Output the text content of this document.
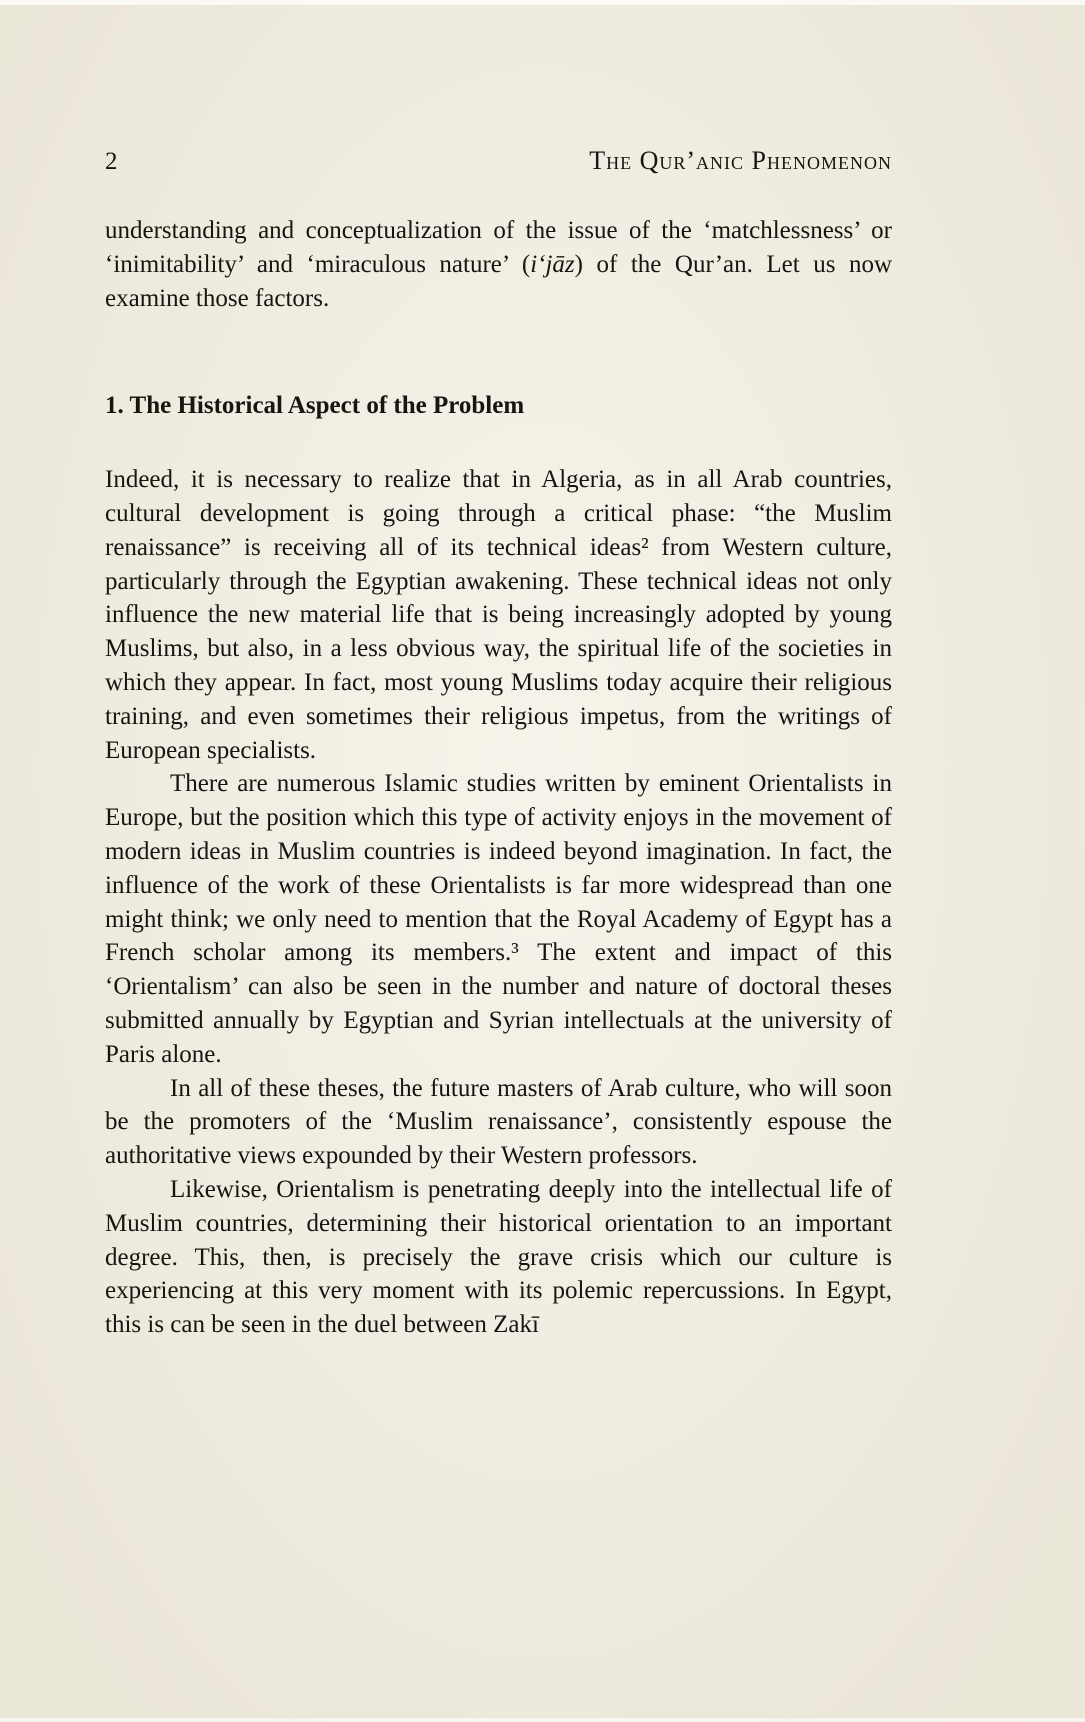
2	The Qur’anic Phenomenon
understanding and conceptualization of the issue of the ‘matchlessness’ or ‘inimitability’ and ‘miraculous nature’ (i‘jāz) of the Qur’an. Let us now examine those factors.
1. The Historical Aspect of the Problem

Indeed, it is necessary to realize that in Algeria, as in all Arab countries, cultural development is going through a critical phase: “the Muslim renaissance” is receiving all of its technical ideas² from Western culture, particularly through the Egyptian awakening. These technical ideas not only influence the new material life that is being increasingly adopted by young Muslims, but also, in a less obvious way, the spiritual life of the societies in which they appear. In fact, most young Muslims today acquire their religious training, and even sometimes their religious impetus, from the writings of European specialists.

There are numerous Islamic studies written by eminent Orientalists in Europe, but the position which this type of activity enjoys in the movement of modern ideas in Muslim countries is indeed beyond imagination. In fact, the influence of the work of these Orientalists is far more widespread than one might think; we only need to mention that the Royal Academy of Egypt has a French scholar among its members.³ The extent and impact of this ‘Orientalism’ can also be seen in the number and nature of doctoral theses submitted annually by Egyptian and Syrian intellectuals at the university of Paris alone.

In all of these theses, the future masters of Arab culture, who will soon be the promoters of the ‘Muslim renaissance’, consistently espouse the authoritative views expounded by their Western professors.

Likewise, Orientalism is penetrating deeply into the intellectual life of Muslim countries, determining their historical orientation to an important degree. This, then, is precisely the grave crisis which our culture is experiencing at this very moment with its polemic repercussions. In Egypt, this is can be seen in the duel between Zakī
